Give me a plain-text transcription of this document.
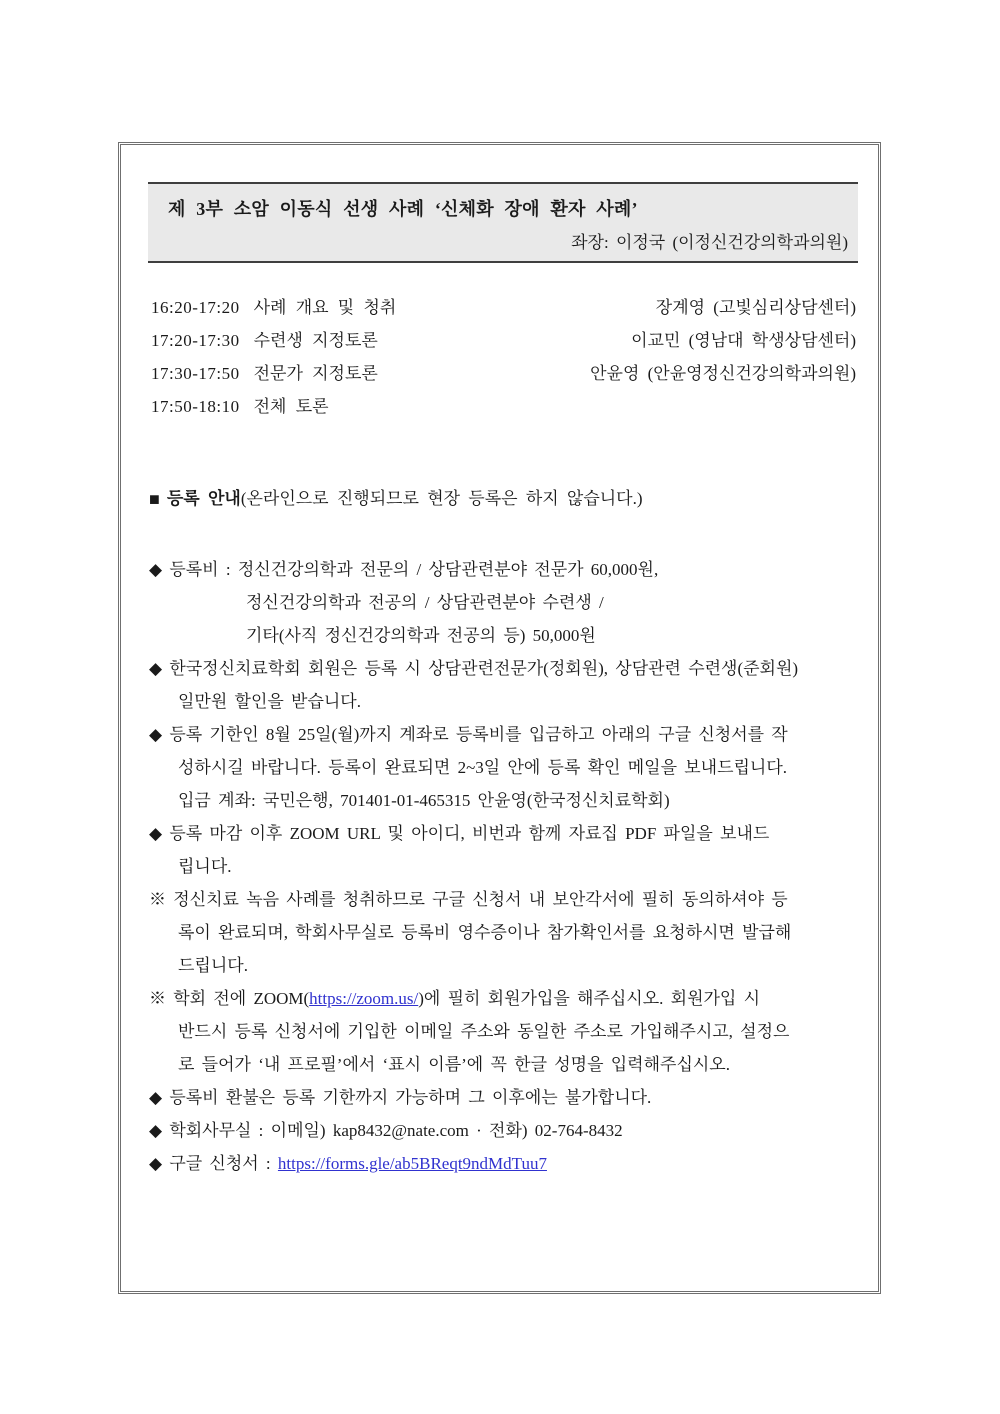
제 3부 소암 이동식 선생 사례 ‘신체화 장애 환자 사례’
좌장: 이정국 (이정신건강의학과의원)
16:20-17:20 사례 개요 및 청취	장계영 (고빛심리상담센터)
17:20-17:30 수련생 지정토론	이교민 (영남대 학생상담센터)
17:30-17:50 전문가 지정토론	안윤영 (안윤영정신건강의학과의원)
17:50-18:10 전체 토론
■ 등록 안내(온라인으로 진행되므로 현장 등록은 하지 않습니다.)
◆ 등록비 : 정신건강의학과 전문의 / 상담관련분야 전문가 60,000원,
정신건강의학과 전공의 / 상담관련분야 수련생 /
기타(사직 정신건강의학과 전공의 등) 50,000원
◆ 한국정신치료학회 회원은 등록 시 상담관련전문가(정회원), 상담관련 수련생(준회원)
일만원 할인을 받습니다.
◆ 등록 기한인 8월 25일(월)까지 계좌로 등록비를 입금하고 아래의 구글 신청서를 작
성하시길 바랍니다. 등록이 완료되면 2~3일 안에 등록 확인 메일을 보내드립니다.
입금 계좌: 국민은행, 701401-01-465315 안윤영(한국정신치료학회)
◆ 등록 마감 이후 ZOOM URL 및 아이디, 비번과 함께 자료집 PDF 파일을 보내드
립니다.
※ 정신치료 녹음 사례를 청취하므로 구글 신청서 내 보안각서에 필히 동의하셔야 등
록이 완료되며, 학회사무실로 등록비 영수증이나 참가확인서를 요청하시면 발급해
드립니다.
※ 학회 전에 ZOOM(https://zoom.us/)에 필히 회원가입을 해주십시오. 회원가입 시
반드시 등록 신청서에 기입한 이메일 주소와 동일한 주소로 가입해주시고, 설정으
로 들어가 ‘내 프로필’에서 ‘표시 이름’에 꼭 한글 성명을 입력해주십시오.
◆ 등록비 환불은 등록 기한까지 가능하며 그 이후에는 불가합니다.
◆ 학회사무실 : 이메일) kap8432@nate.com · 전화) 02-764-8432
◆ 구글 신청서 : https://forms.gle/ab5BReqt9ndMdTuu7
